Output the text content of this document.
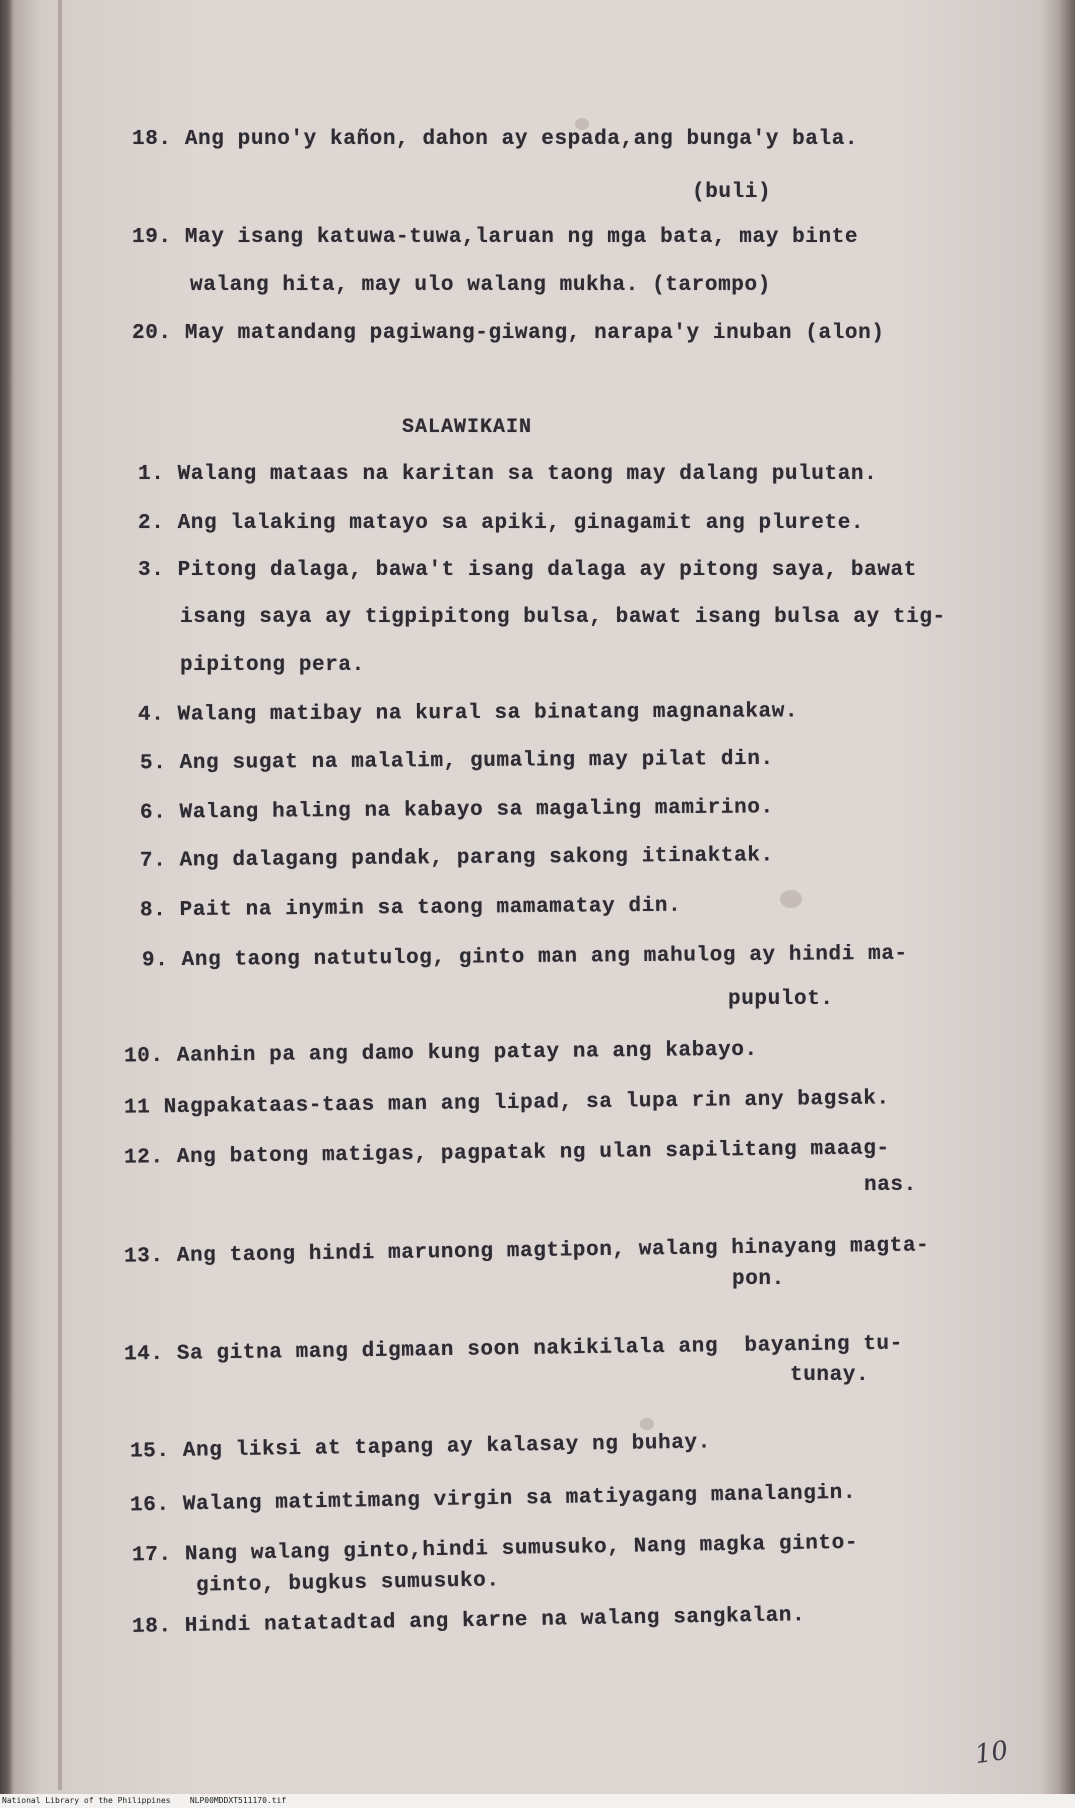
18. Ang puno'y kañon, dahon ay espada,ang bunga'y bala.
(buli)
19. May isang katuwa-tuwa,laruan ng mga bata, may binte
walang hita, may ulo walang mukha. (tarompo)
20. May matandang pagiwang-giwang, narapa'y inuban (alon)
SALAWIKAIN
1. Walang mataas na karitan sa taong may dalang pulutan.
2. Ang lalaking matayo sa apiki, ginagamit ang plurete.
3. Pitong dalaga, bawa't isang dalaga ay pitong saya, bawat
isang saya ay tigpipitong bulsa, bawat isang bulsa ay tig-
pipitong pera.
4. Walang matibay na kural sa binatang magnanakaw.
5. Ang sugat na malalim, gumaling may pilat din.
6. Walang haling na kabayo sa magaling mamirino.
7. Ang dalagang pandak, parang sakong itinaktak.
8. Pait na inymin sa taong mamamatay din.
9. Ang taong natutulog, ginto man ang mahulog ay hindi ma-
pupulot.
10. Aanhin pa ang damo kung patay na ang kabayo.
11 Nagpakataas-taas man ang lipad, sa lupa rin any bagsak.
12. Ang batong matigas, pagpatak ng ulan sapilitang maaag-
nas.
13. Ang taong hindi marunong magtipon, walang hinayang magta-
pon.
14. Sa gitna mang digmaan soon nakikilala ang  bayaning tu-
tunay.
15. Ang liksi at tapang ay kalasay ng buhay.
16. Walang matimtimang virgin sa matiyagang manalangin.
17. Nang walang ginto,hindi sumusuko, Nang magka ginto-
ginto, bugkus sumusuko.
18. Hindi natatadtad ang karne na walang sangkalan.
10
National Library of the Philippines    NLP00MDDXT511170.tif
